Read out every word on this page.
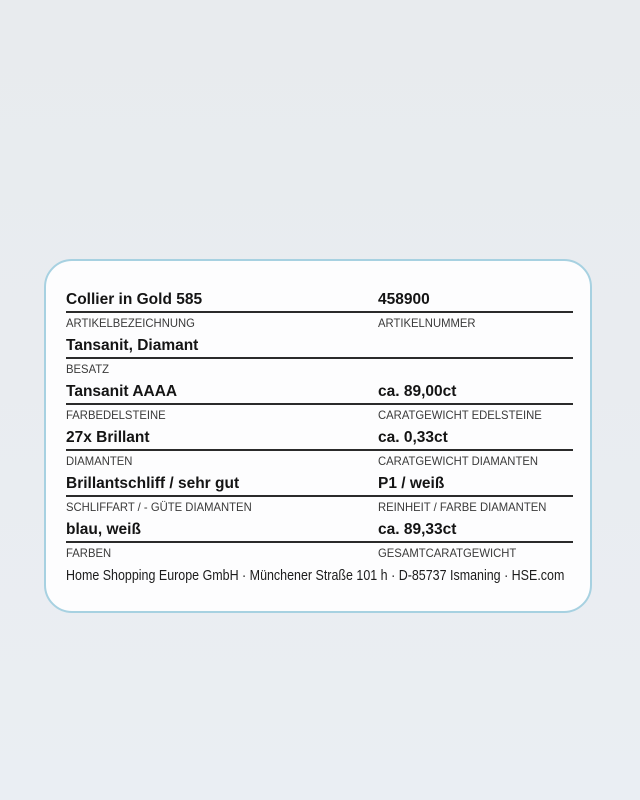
Collier in Gold 585	458900
ARTIKELBEZEICHNUNG	ARTIKELNUMMER
Tansanit, Diamant
BESATZ
Tansanit AAAA	ca. 89,00ct
FARBEDELSTEINE	CARATGEWICHT EDELSTEINE
27x Brillant	ca. 0,33ct
DIAMANTEN	CARATGEWICHT DIAMANTEN
Brillantschliff / sehr gut	P1 / weiß
SCHLIFFART / - GÜTE DIAMANTEN	REINHEIT / FARBE DIAMANTEN
blau, weiß	ca. 89,33ct
FARBEN	GESAMTCARATGEWICHT
Home Shopping Europe GmbH · Münchener Straße 101 h · D-85737 Ismaning · HSE.com
